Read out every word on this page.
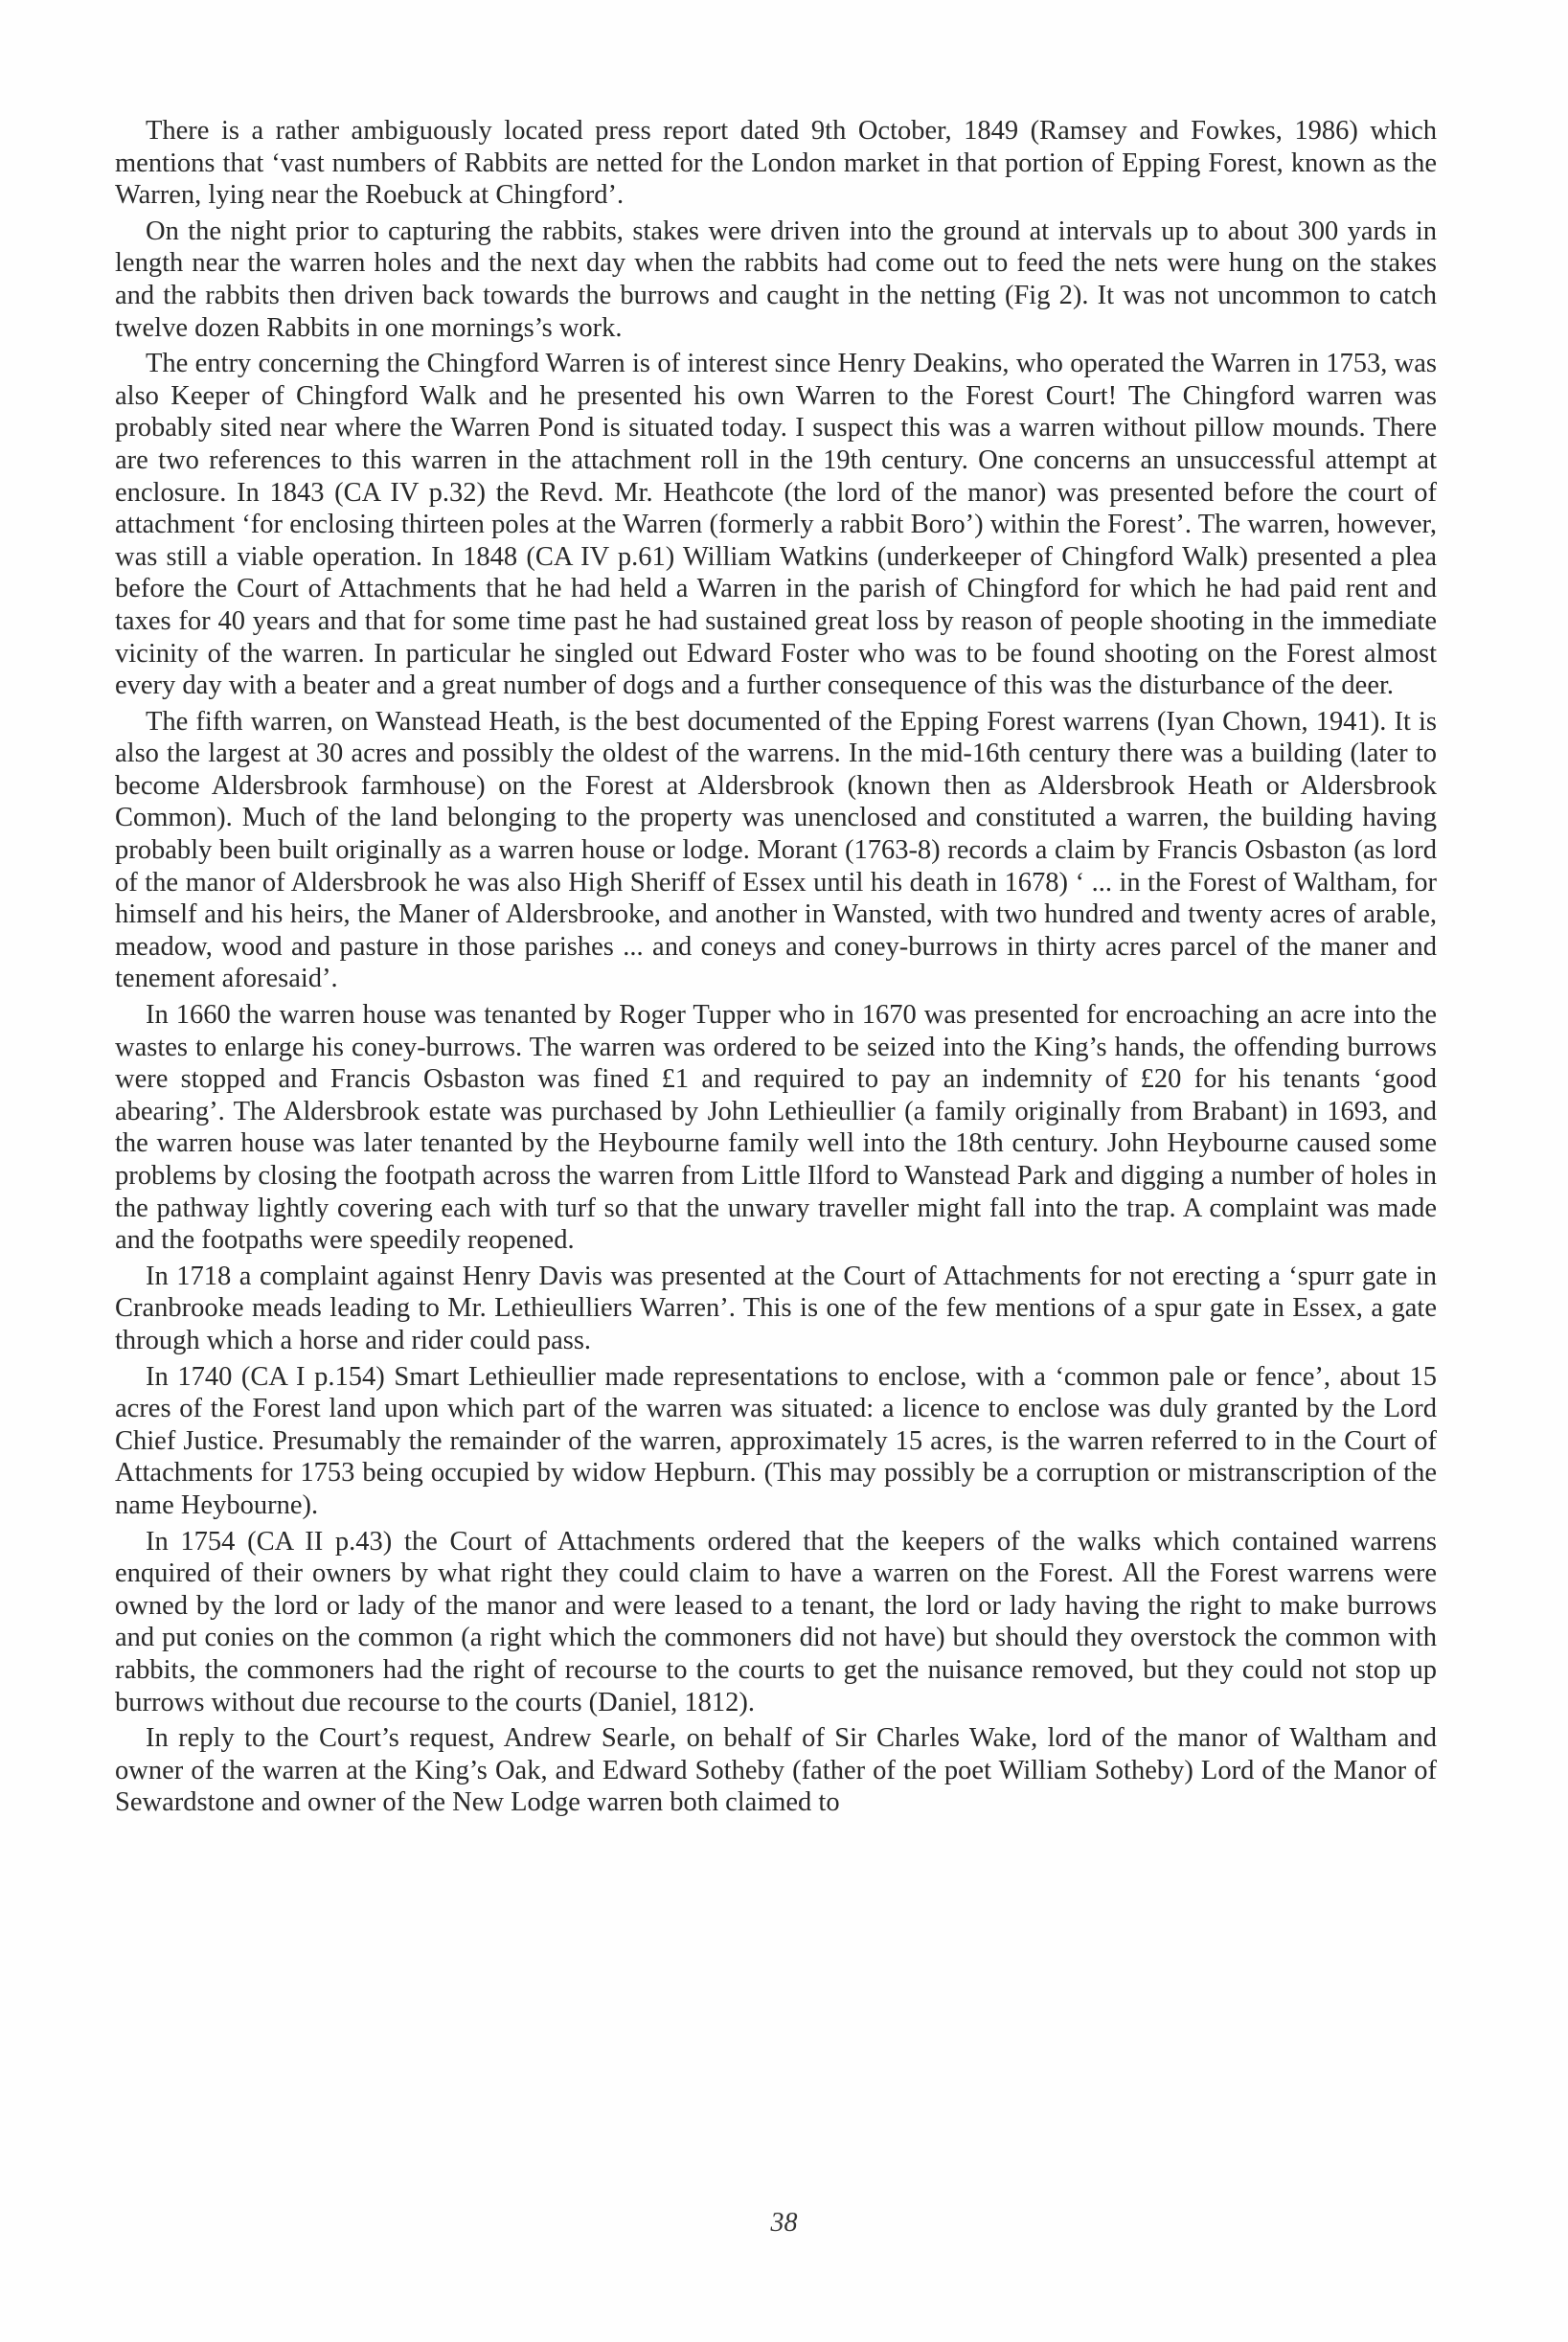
There is a rather ambiguously located press report dated 9th October, 1849 (Ramsey and Fowkes, 1986) which mentions that ‘vast numbers of Rabbits are netted for the London market in that portion of Epping Forest, known as the Warren, lying near the Roebuck at Chingford’.

On the night prior to capturing the rabbits, stakes were driven into the ground at intervals up to about 300 yards in length near the warren holes and the next day when the rabbits had come out to feed the nets were hung on the stakes and the rabbits then driven back towards the burrows and caught in the netting (Fig 2). It was not uncommon to catch twelve dozen Rabbits in one mornings’s work.

The entry concerning the Chingford Warren is of interest since Henry Deakins, who operated the Warren in 1753, was also Keeper of Chingford Walk and he presented his own Warren to the Forest Court! The Chingford warren was probably sited near where the Warren Pond is situated today. I suspect this was a warren without pillow mounds. There are two references to this warren in the attachment roll in the 19th century. One concerns an unsuccessful attempt at enclosure. In 1843 (CA IV p.32) the Revd. Mr. Heathcote (the lord of the manor) was presented before the court of attachment ‘for enclosing thirteen poles at the Warren (formerly a rabbit Boro’) within the Forest’. The warren, however, was still a viable operation. In 1848 (CA IV p.61) William Watkins (underkeeper of Chingford Walk) presented a plea before the Court of Attachments that he had held a Warren in the parish of Chingford for which he had paid rent and taxes for 40 years and that for some time past he had sustained great loss by reason of people shooting in the immediate vicinity of the warren. In particular he singled out Edward Foster who was to be found shooting on the Forest almost every day with a beater and a great number of dogs and a further consequence of this was the disturbance of the deer.

The fifth warren, on Wanstead Heath, is the best documented of the Epping Forest warrens (Iyan Chown, 1941). It is also the largest at 30 acres and possibly the oldest of the warrens. In the mid-16th century there was a building (later to become Aldersbrook farmhouse) on the Forest at Aldersbrook (known then as Aldersbrook Heath or Aldersbrook Common). Much of the land belonging to the property was unenclosed and constituted a warren, the building having probably been built originally as a warren house or lodge. Morant (1763-8) records a claim by Francis Osbaston (as lord of the manor of Aldersbrook he was also High Sheriff of Essex until his death in 1678) ‘ ... in the Forest of Waltham, for himself and his heirs, the Maner of Aldersbrooke, and another in Wansted, with two hundred and twenty acres of arable, meadow, wood and pasture in those parishes ... and coneys and coney-burrows in thirty acres parcel of the maner and tenement aforesaid’.

In 1660 the warren house was tenanted by Roger Tupper who in 1670 was presented for encroaching an acre into the wastes to enlarge his coney-burrows. The warren was ordered to be seized into the King’s hands, the offending burrows were stopped and Francis Osbaston was fined £1 and required to pay an indemnity of £20 for his tenants ‘good abearing’. The Aldersbrook estate was purchased by John Lethieullier (a family originally from Brabant) in 1693, and the warren house was later tenanted by the Heybourne family well into the 18th century. John Heybourne caused some problems by closing the footpath across the warren from Little Ilford to Wanstead Park and digging a number of holes in the pathway lightly covering each with turf so that the unwary traveller might fall into the trap. A complaint was made and the footpaths were speedily reopened.

In 1718 a complaint against Henry Davis was presented at the Court of Attachments for not erecting a ‘spurr gate in Cranbrooke meads leading to Mr. Lethieulliers Warren’. This is one of the few mentions of a spur gate in Essex, a gate through which a horse and rider could pass.

In 1740 (CA I p.154) Smart Lethieullier made representations to enclose, with a ‘common pale or fence’, about 15 acres of the Forest land upon which part of the warren was situated: a licence to enclose was duly granted by the Lord Chief Justice. Presumably the remainder of the warren, approximately 15 acres, is the warren referred to in the Court of Attachments for 1753 being occupied by widow Hepburn. (This may possibly be a corruption or mistranscription of the name Heybourne).

In 1754 (CA II p.43) the Court of Attachments ordered that the keepers of the walks which contained warrens enquired of their owners by what right they could claim to have a warren on the Forest. All the Forest warrens were owned by the lord or lady of the manor and were leased to a tenant, the lord or lady having the right to make burrows and put conies on the common (a right which the commoners did not have) but should they overstock the common with rabbits, the commoners had the right of recourse to the courts to get the nuisance removed, but they could not stop up burrows without due recourse to the courts (Daniel, 1812).

In reply to the Court’s request, Andrew Searle, on behalf of Sir Charles Wake, lord of the manor of Waltham and owner of the warren at the King’s Oak, and Edward Sotheby (father of the poet William Sotheby) Lord of the Manor of Sewardstone and owner of the New Lodge warren both claimed to

38
